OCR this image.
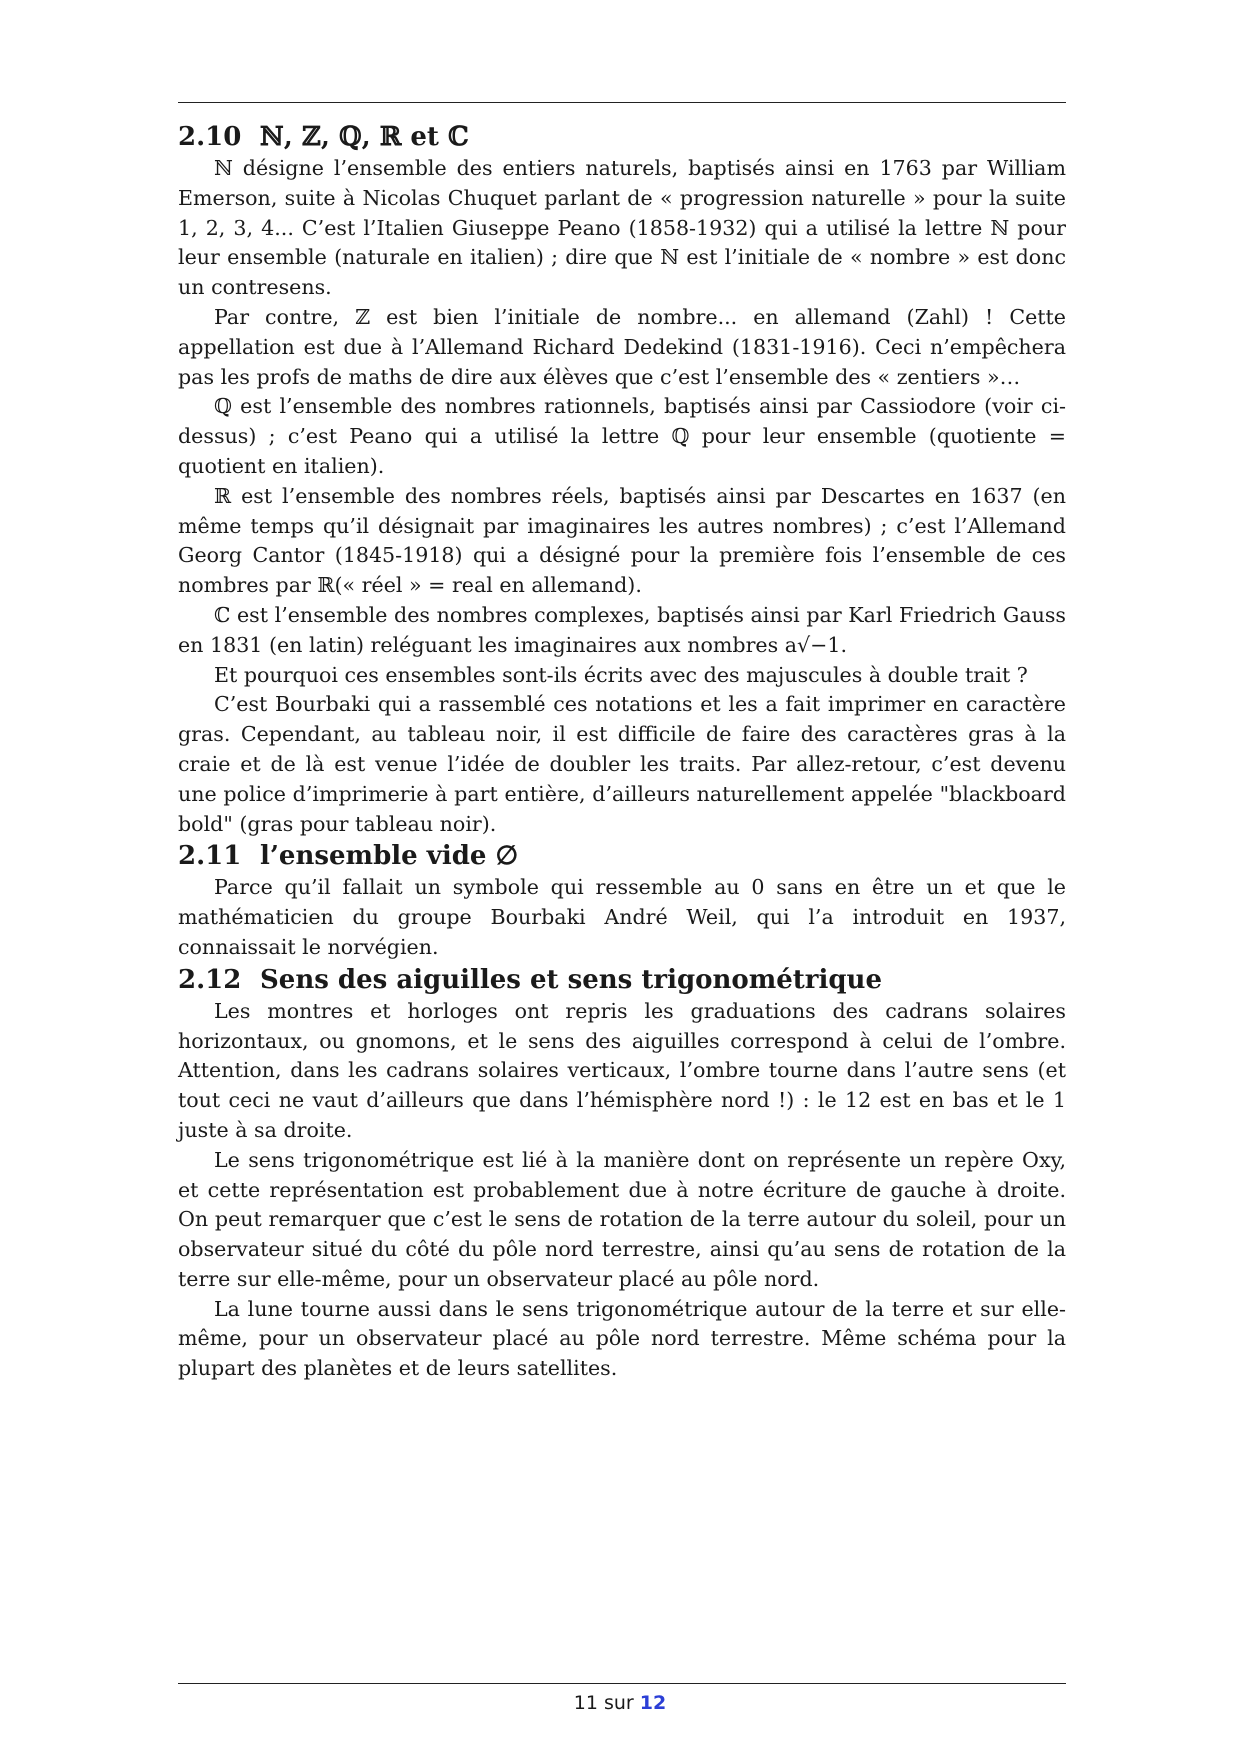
2.10 ℕ, ℤ, ℚ, ℝ et ℂ

ℕ désigne l’ensemble des entiers naturels, baptisés ainsi en 1763 par William Emerson, suite à Nicolas Chuquet parlant de « progression naturelle » pour la suite 1, 2, 3, 4... C’est l’Italien Giuseppe Peano (1858-1932) qui a utilisé la lettre ℕ pour leur ensemble (naturale en italien) ; dire que ℕ est l’initiale de « nombre » est donc un contresens.

Par contre, ℤ est bien l’initiale de nombre... en allemand (Zahl) ! Cette appellation est due à l’Allemand Richard Dedekind (1831-1916). Ceci n’empêchera pas les profs de maths de dire aux élèves que c’est l’ensemble des « zentiers »…

ℚ est l’ensemble des nombres rationnels, baptisés ainsi par Cassiodore (voir ci-dessus) ; c’est Peano qui a utilisé la lettre ℚ pour leur ensemble (quotiente = quotient en italien).

ℝ est l’ensemble des nombres réels, baptisés ainsi par Descartes en 1637 (en même temps qu’il désignait par imaginaires les autres nombres) ; c’est l’Allemand Georg Cantor (1845-1918) qui a désigné pour la première fois l’ensemble de ces nombres par ℝ(« réel » = real en allemand).

ℂ est l’ensemble des nombres complexes, baptisés ainsi par Karl Friedrich Gauss en 1831 (en latin) reléguant les imaginaires aux nombres a√−1.

Et pourquoi ces ensembles sont-ils écrits avec des majuscules à double trait ?

C’est Bourbaki qui a rassemblé ces notations et les a fait imprimer en caractère gras. Cependant, au tableau noir, il est difficile de faire des caractères gras à la craie et de là est venue l’idée de doubler les traits. Par allez-retour, c’est devenu une police d’imprimerie à part entière, d’ailleurs naturellement appelée "blackboard bold" (gras pour tableau noir).

2.11 l’ensemble vide ∅

Parce qu’il fallait un symbole qui ressemble au 0 sans en être un et que le mathématicien du groupe Bourbaki André Weil, qui l’a introduit en 1937, connaissait le norvégien.

2.12 Sens des aiguilles et sens trigonométrique

Les montres et horloges ont repris les graduations des cadrans solaires horizontaux, ou gnomons, et le sens des aiguilles correspond à celui de l’ombre. Attention, dans les cadrans solaires verticaux, l’ombre tourne dans l’autre sens (et tout ceci ne vaut d’ailleurs que dans l’hémisphère nord !) : le 12 est en bas et le 1 juste à sa droite.

Le sens trigonométrique est lié à la manière dont on représente un repère Oxy, et cette représentation est probablement due à notre écriture de gauche à droite. On peut remarquer que c’est le sens de rotation de la terre autour du soleil, pour un observateur situé du côté du pôle nord terrestre, ainsi qu’au sens de rotation de la terre sur elle-même, pour un observateur placé au pôle nord.

La lune tourne aussi dans le sens trigonométrique autour de la terre et sur elle-même, pour un observateur placé au pôle nord terrestre. Même schéma pour la plupart des planètes et de leurs satellites.

11 sur 12
